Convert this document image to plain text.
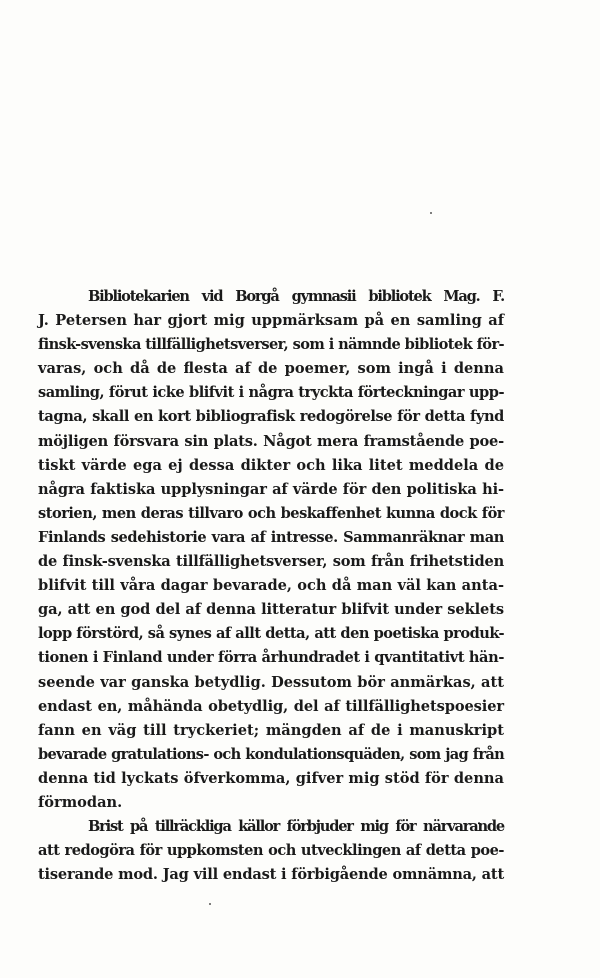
Bibliotekarien vid Borgå gymnasii bibliotek Mag. F.
J. Petersen har gjort mig uppmärksam på en samling af
finsk-svenska tillfällighetsverser, som i nämnde bibliotek för-
varas, och då de flesta af de poemer, som ingå i denna
samling, förut icke blifvit i några tryckta förteckningar upp-
tagna, skall en kort bibliografisk redogörelse för detta fynd
möjligen försvara sin plats. Något mera framstående poe-
tiskt värde ega ej dessa dikter och lika litet meddela de
några faktiska upplysningar af värde för den politiska hi-
storien, men deras tillvaro och beskaffenhet kunna dock för
Finlands sedehistorie vara af intresse. Sammanräknar man
de finsk-svenska tillfällighetsverser, som från frihetstiden
blifvit till våra dagar bevarade, och då man väl kan anta-
ga, att en god del af denna litteratur blifvit under seklets
lopp förstörd, så synes af allt detta, att den poetiska produk-
tionen i Finland under förra århundradet i qvantitativt hän-
seende var ganska betydlig. Dessutom bör anmärkas, att
endast en, måhända obetydlig, del af tillfällighetspoesier
fann en väg till tryckeriet; mängden af de i manuskript
bevarade gratulations- och kondulationsquäden, som jag från
denna tid lyckats öfverkomma, gifver mig stöd för denna
förmodan.
Brist på tillräckliga källor förbjuder mig för närvarande
att redogöra för uppkomsten och utvecklingen af detta poe-
tiserande mod. Jag vill endast i förbigående omnämna, att
